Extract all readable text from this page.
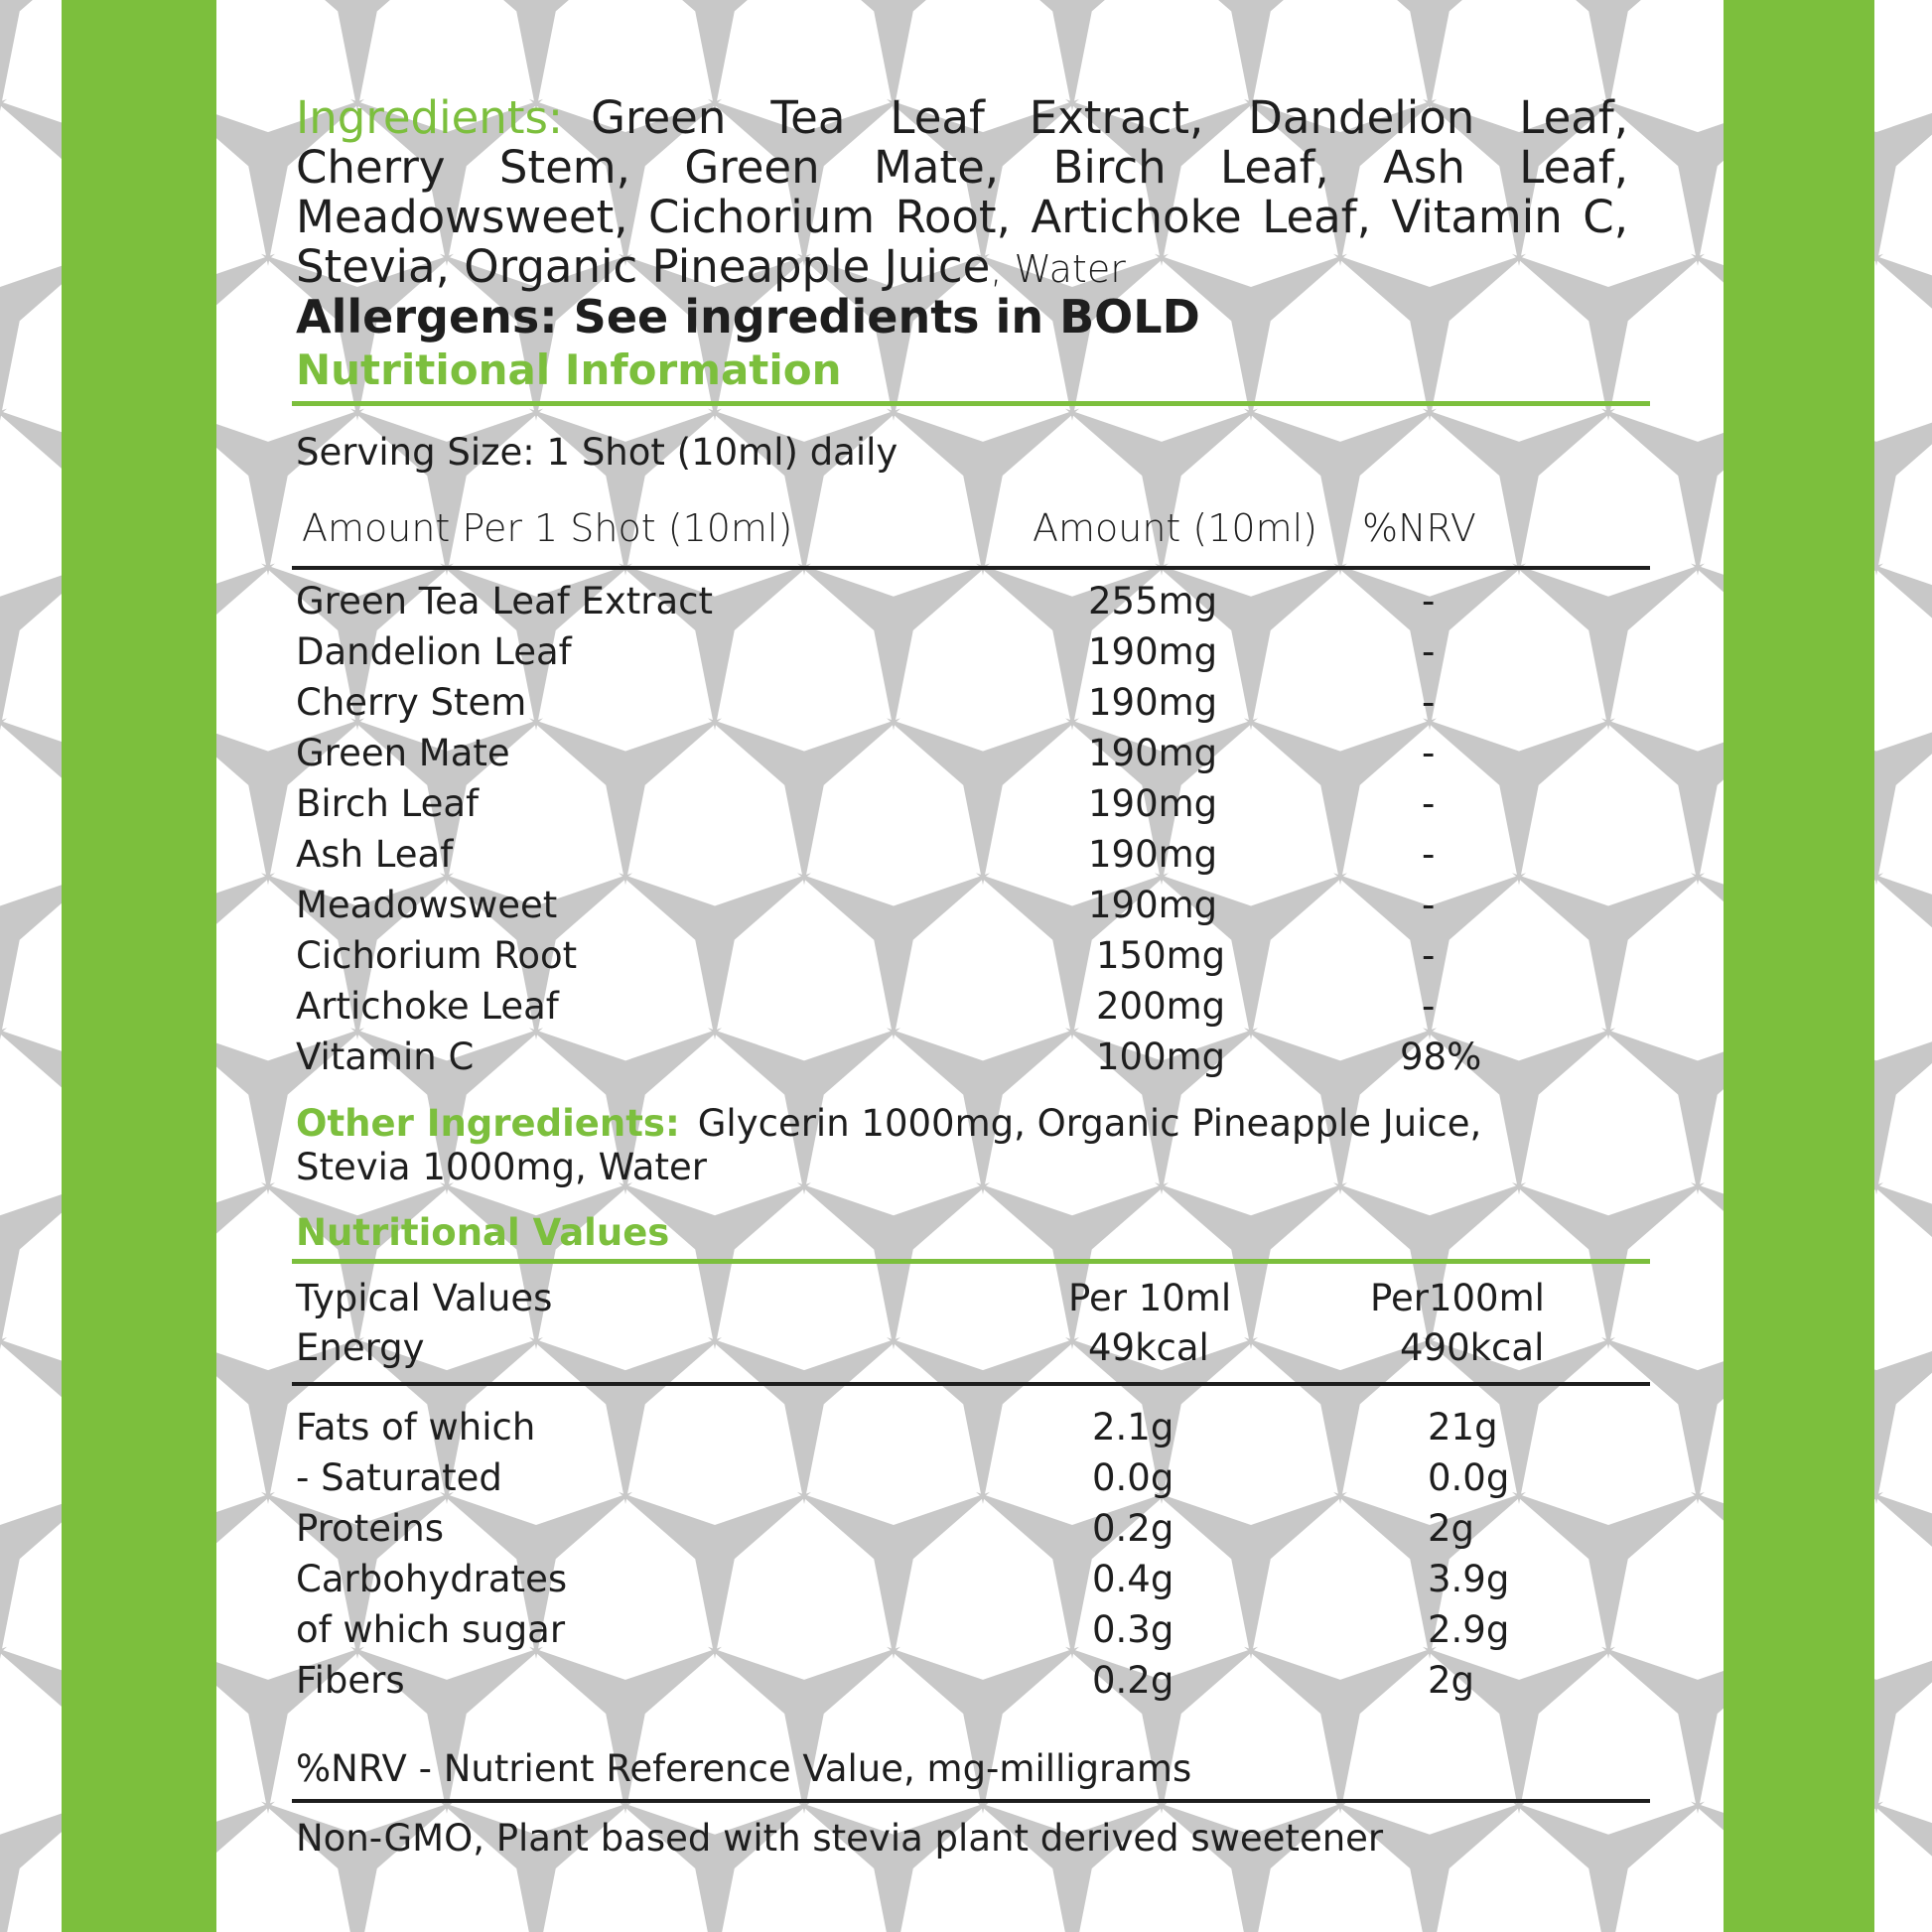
Ingredients: Green Tea Leaf Extract, Dandelion Leaf, Cherry Stem, Green Mate, Birch Leaf, Ash Leaf, Meadowsweet, Cichorium Root, Artichoke Leaf, Vitamin C, Stevia, Organic Pineapple Juice, Water
Allergens: See ingredients in BOLD
Nutritional Information
Serving Size: 1 Shot (10ml) daily
Amount Per 1 Shot (10ml)	Amount (10ml) %NRV
Green Tea Leaf Extract	255mg	-
Dandelion Leaf	190mg	-
Cherry Stem	190mg	-
Green Mate	190mg	-
Birch Leaf	190mg	-
Ash Leaf	190mg	-
Meadowsweet	190mg	-
Cichorium Root	150mg	-
Artichoke Leaf	200mg	-
Vitamin C	100mg	98%
Other Ingredients: Glycerin 1000mg, Organic Pineapple Juice,
Stevia 1000mg, Water
Nutritional Values
Typical Values	Per 10ml	Per100ml
Energy	49kcal	490kcal
Fats of which	2.1g	21g
- Saturated	0.0g	0.0g
Proteins	0.2g	2g
Carbohydrates	0.4g	3.9g
of which sugar	0.3g	2.9g
Fibers	0.2g	2g
%NRV - Nutrient Reference Value, mg-milligrams
Non-GMO, Plant based with stevia plant derived sweetener
